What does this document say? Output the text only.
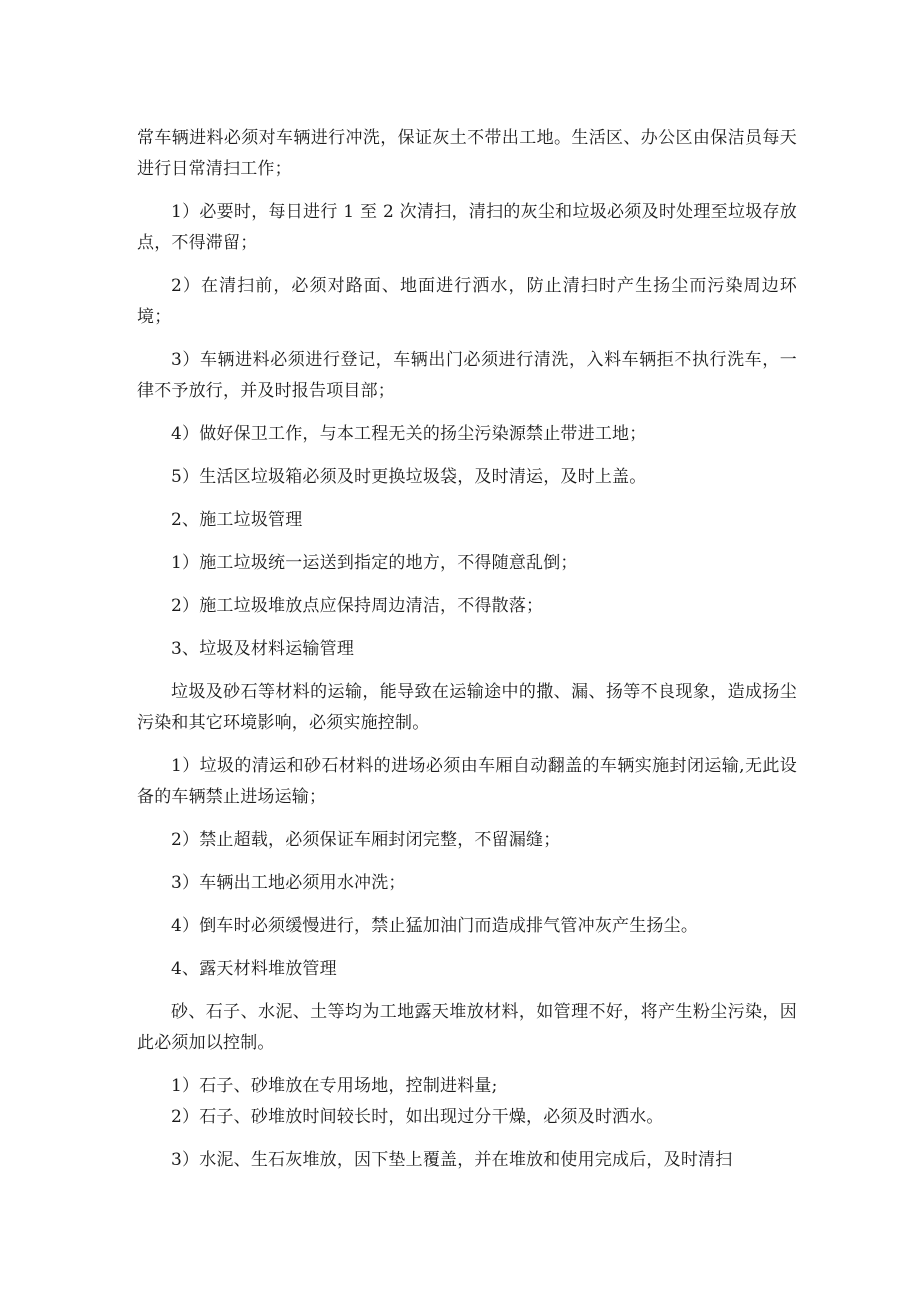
常车辆进料必须对车辆进行冲洗，保证灰土不带出工地。生活区、办公区由保洁员每天进行日常清扫工作；

1）必要时，每日进行 1 至 2 次清扫，清扫的灰尘和垃圾必须及时处理至垃圾存放点，不得滞留；

2）在清扫前，必须对路面、地面进行洒水，防止清扫时产生扬尘而污染周边环境；

3）车辆进料必须进行登记，车辆出门必须进行清洗，入料车辆拒不执行洗车，一律不予放行，并及时报告项目部；

4）做好保卫工作，与本工程无关的扬尘污染源禁止带进工地；

5）生活区垃圾箱必须及时更换垃圾袋，及时清运，及时上盖。

2、施工垃圾管理

1）施工垃圾统一运送到指定的地方，不得随意乱倒；

2）施工垃圾堆放点应保持周边清洁，不得散落；

3、垃圾及材料运输管理

垃圾及砂石等材料的运输，能导致在运输途中的撒、漏、扬等不良现象，造成扬尘污染和其它环境影响，必须实施控制。

1）垃圾的清运和砂石材料的进场必须由车厢自动翻盖的车辆实施封闭运输,无此设备的车辆禁止进场运输；

2）禁止超载，必须保证车厢封闭完整，不留漏缝；

3）车辆出工地必须用水冲洗；

4）倒车时必须缓慢进行，禁止猛加油门而造成排气管冲灰产生扬尘。

4、露天材料堆放管理

砂、石子、水泥、土等均为工地露天堆放材料，如管理不好，将产生粉尘污染，因此必须加以控制。

1）石子、砂堆放在专用场地，控制进料量;

2）石子、砂堆放时间较长时，如出现过分干燥，必须及时洒水。

3）水泥、生石灰堆放，因下垫上覆盖，并在堆放和使用完成后，及时清扫
